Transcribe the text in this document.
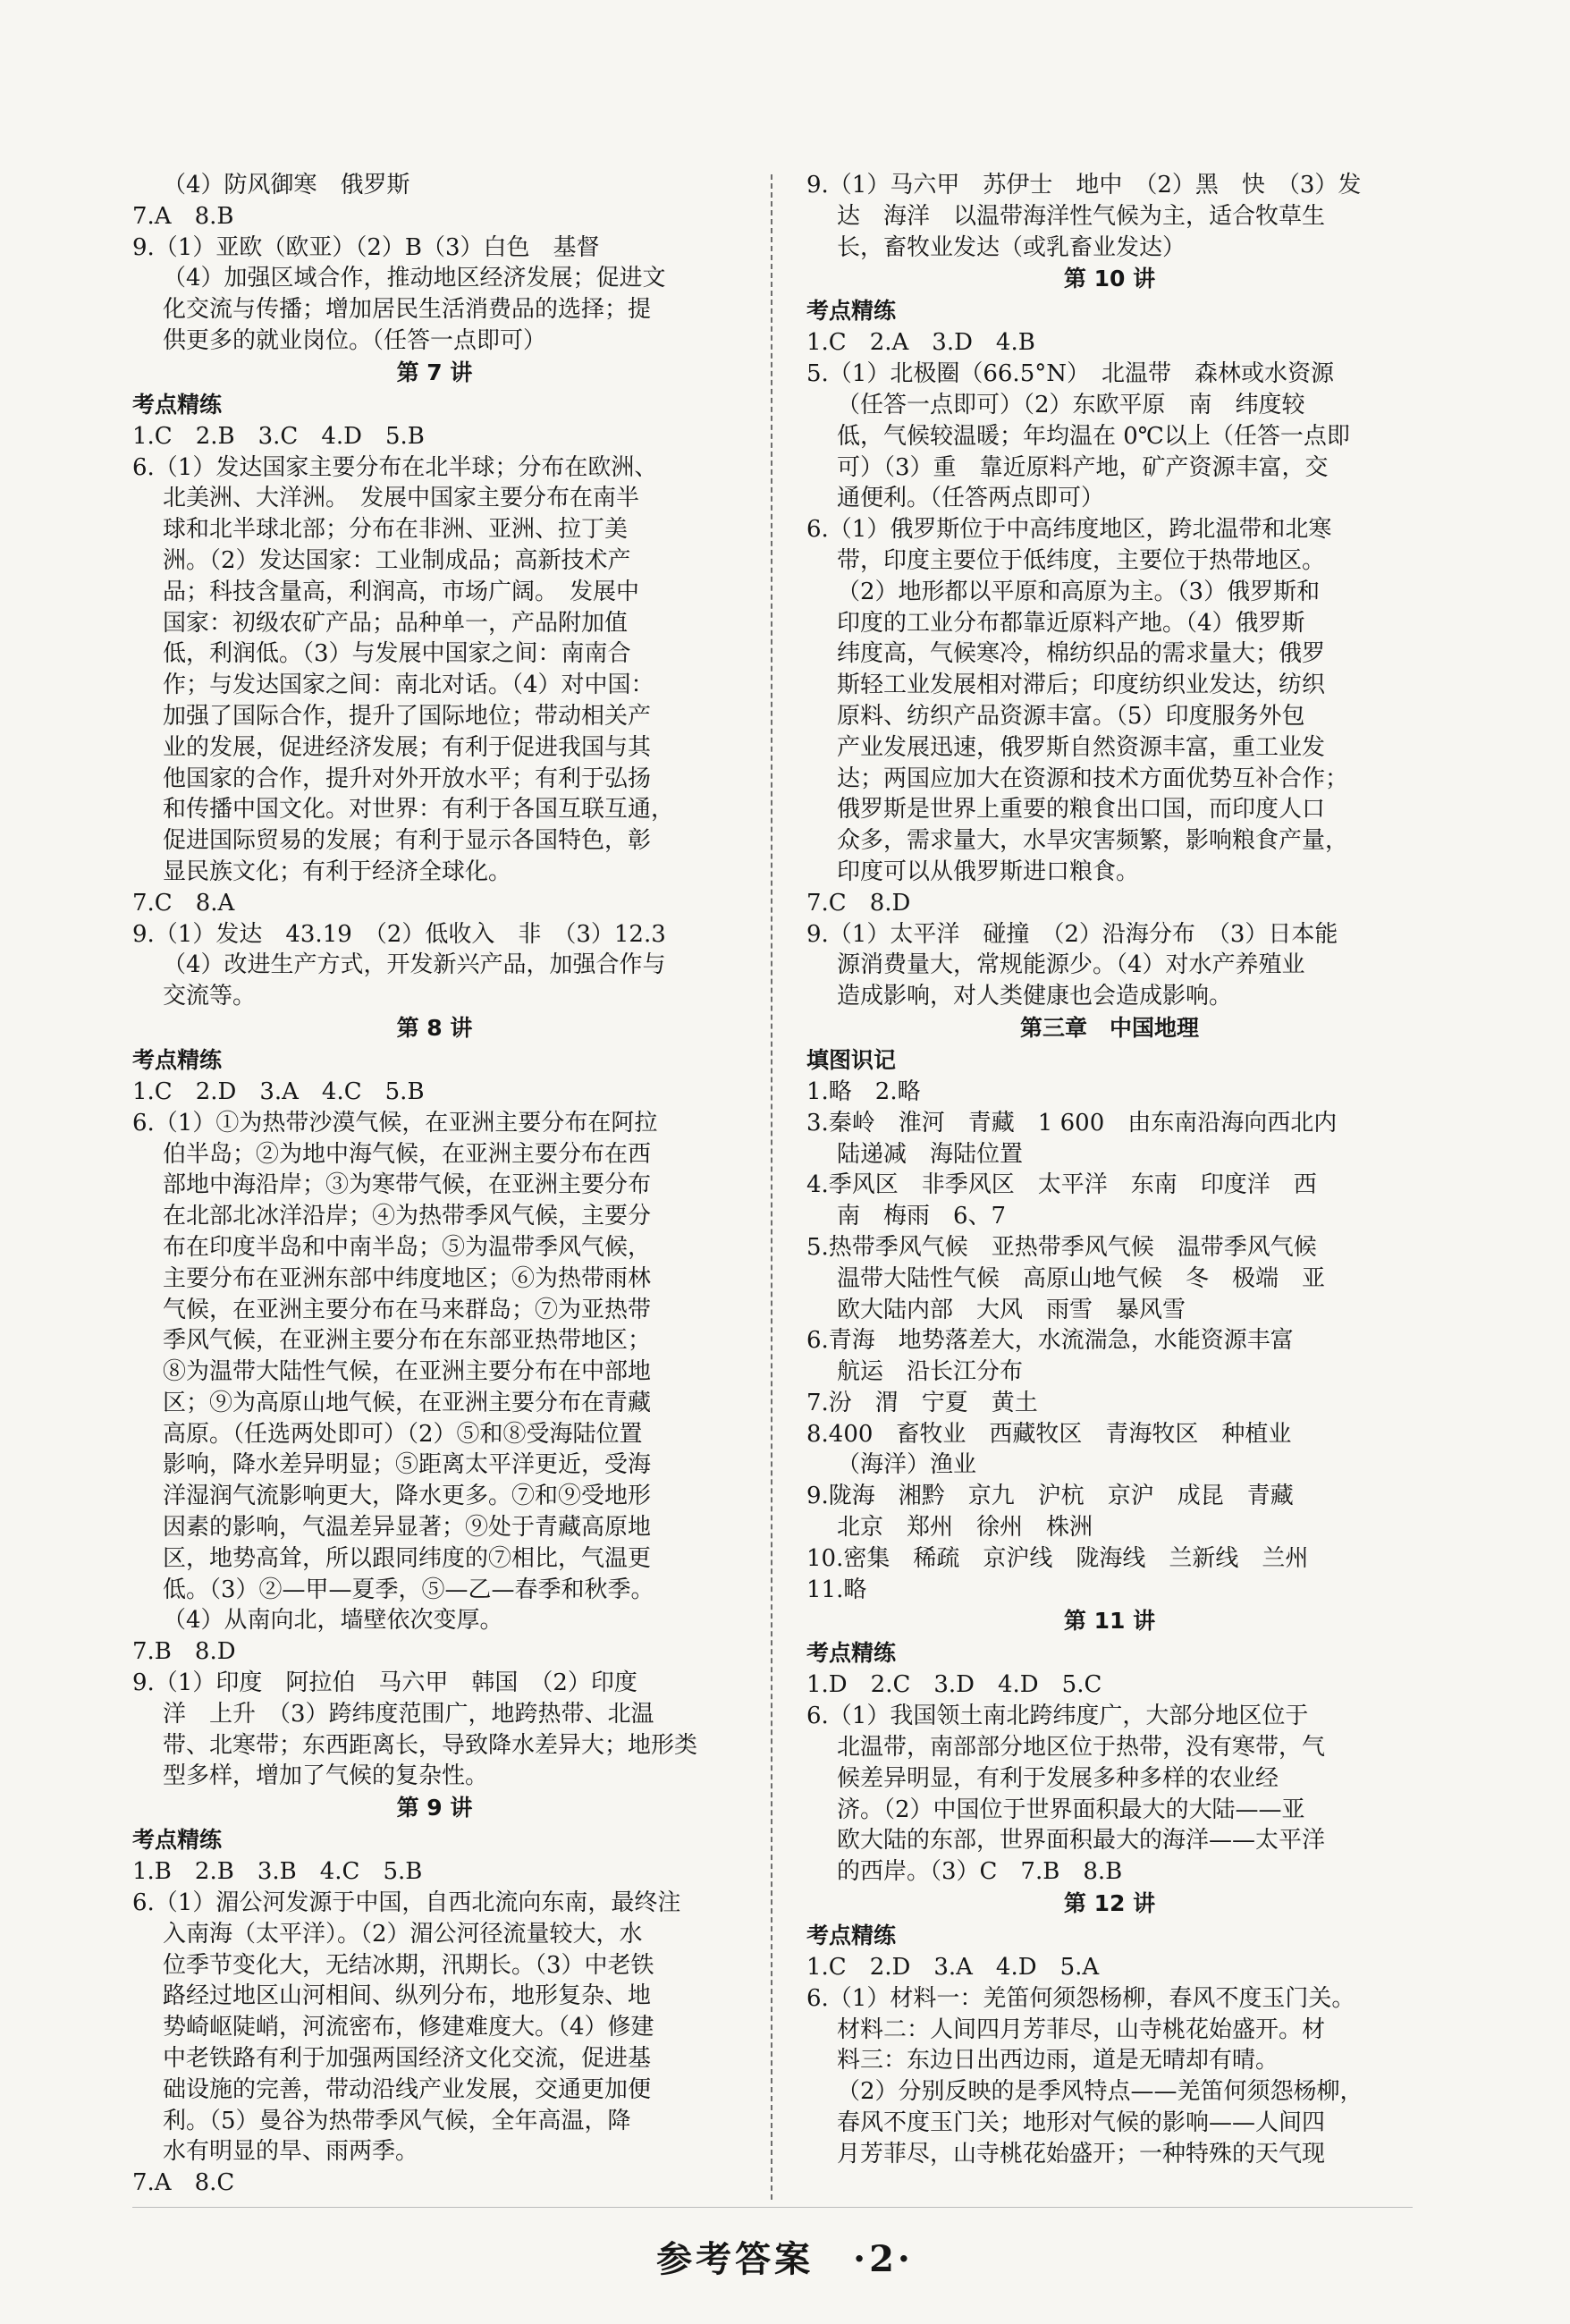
（4）防风御寒　俄罗斯
7.A　8.B
9.（1）亚欧（欧亚）（2）B（3）白色　基督
（4）加强区域合作，推动地区经济发展；促进文
化交流与传播；增加居民生活消费品的选择；提
供更多的就业岗位。（任答一点即可）
第 7 讲
考点精练
1.C　2.B　3.C　4.D　5.B
6.（1）发达国家主要分布在北半球；分布在欧洲、
北美洲、大洋洲。　发展中国家主要分布在南半
球和北半球北部；分布在非洲、亚洲、拉丁美
洲。（2）发达国家：工业制成品；高新技术产
品；科技含量高，利润高，市场广阔。　发展中
国家：初级农矿产品；品种单一，产品附加值
低，利润低。（3）与发展中国家之间：南南合
作；与发达国家之间：南北对话。（4）对中国：
加强了国际合作，提升了国际地位；带动相关产
业的发展，促进经济发展；有利于促进我国与其
他国家的合作，提升对外开放水平；有利于弘扬
和传播中国文化。对世界：有利于各国互联互通，
促进国际贸易的发展；有利于显示各国特色，彰
显民族文化；有利于经济全球化。
7.C　8.A
9.（1）发达　43.19　（2）低收入　非　（3）12.3
（4）改进生产方式，开发新兴产品，加强合作与
交流等。
第 8 讲
考点精练
1.C　2.D　3.A　4.C　5.B
6.（1）①为热带沙漠气候，在亚洲主要分布在阿拉
伯半岛；②为地中海气候，在亚洲主要分布在西
部地中海沿岸；③为寒带气候，在亚洲主要分布
在北部北冰洋沿岸；④为热带季风气候，主要分
布在印度半岛和中南半岛；⑤为温带季风气候，
主要分布在亚洲东部中纬度地区；⑥为热带雨林
气候，在亚洲主要分布在马来群岛；⑦为亚热带
季风气候，在亚洲主要分布在东部亚热带地区；
⑧为温带大陆性气候，在亚洲主要分布在中部地
区；⑨为高原山地气候，在亚洲主要分布在青藏
高原。（任选两处即可）（2）⑤和⑧受海陆位置
影响，降水差异明显；⑤距离太平洋更近，受海
洋湿润气流影响更大，降水更多。⑦和⑨受地形
因素的影响，气温差异显著；⑨处于青藏高原地
区，地势高耸，所以跟同纬度的⑦相比，气温更
低。（3）②—甲—夏季，⑤—乙—春季和秋季。
（4）从南向北，墙壁依次变厚。
7.B　8.D
9.（1）印度　阿拉伯　马六甲　韩国　（2）印度
洋　上升　（3）跨纬度范围广，地跨热带、北温
带、北寒带；东西距离长，导致降水差异大；地形类
型多样，增加了气候的复杂性。
第 9 讲
考点精练
1.B　2.B　3.B　4.C　5.B
6.（1）湄公河发源于中国，自西北流向东南，最终注
入南海（太平洋）。（2）湄公河径流量较大，水
位季节变化大，无结冰期，汛期长。（3）中老铁
路经过地区山河相间、纵列分布，地形复杂、地
势崎岖陡峭，河流密布，修建难度大。（4）修建
中老铁路有利于加强两国经济文化交流，促进基
础设施的完善，带动沿线产业发展，交通更加便
利。（5）曼谷为热带季风气候，全年高温，降
水有明显的旱、雨两季。
7.A　8.C
9.（1）马六甲　苏伊士　地中　（2）黑　快　（3）发
达　海洋　以温带海洋性气候为主，适合牧草生
长，畜牧业发达（或乳畜业发达）
第 10 讲
考点精练
1.C　2.A　3.D　4.B
5.（1）北极圈（66.5°N）　北温带　森林或水资源
（任答一点即可）（2）东欧平原　南　纬度较
低，气候较温暖；年均温在 0℃以上（任答一点即
可）（3）重　靠近原料产地，矿产资源丰富，交
通便利。（任答两点即可）
6.（1）俄罗斯位于中高纬度地区，跨北温带和北寒
带，印度主要位于低纬度，主要位于热带地区。
（2）地形都以平原和高原为主。（3）俄罗斯和
印度的工业分布都靠近原料产地。（4）俄罗斯
纬度高，气候寒冷，棉纺织品的需求量大；俄罗
斯轻工业发展相对滞后；印度纺织业发达，纺织
原料、纺织产品资源丰富。（5）印度服务外包
产业发展迅速，俄罗斯自然资源丰富，重工业发
达；两国应加大在资源和技术方面优势互补合作；
俄罗斯是世界上重要的粮食出口国，而印度人口
众多，需求量大，水旱灾害频繁，影响粮食产量，
印度可以从俄罗斯进口粮食。
7.C　8.D
9.（1）太平洋　碰撞　（2）沿海分布　（3）日本能
源消费量大，常规能源少。（4）对水产养殖业
造成影响，对人类健康也会造成影响。
第三章　中国地理
填图识记
1.略　2.略
3.秦岭　淮河　青藏　1 600　由东南沿海向西北内
陆递减　海陆位置
4.季风区　非季风区　太平洋　东南　印度洋　西
南　梅雨　6、7
5.热带季风气候　亚热带季风气候　温带季风气候
温带大陆性气候　高原山地气候　冬　极端　亚
欧大陆内部　大风　雨雪　暴风雪
6.青海　地势落差大，水流湍急，水能资源丰富
航运　沿长江分布
7.汾　渭　宁夏　黄土
8.400　畜牧业　西藏牧区　青海牧区　种植业
（海洋）渔业
9.陇海　湘黔　京九　沪杭　京沪　成昆　青藏
北京　郑州　徐州　株洲
10.密集　稀疏　京沪线　陇海线　兰新线　兰州
11.略
第 11 讲
考点精练
1.D　2.C　3.D　4.D　5.C
6.（1）我国领土南北跨纬度广，大部分地区位于
北温带，南部部分地区位于热带，没有寒带，气
候差异明显，有利于发展多种多样的农业经
济。（2）中国位于世界面积最大的大陆——亚
欧大陆的东部，世界面积最大的海洋——太平洋
的西岸。（3）C　7.B　8.B
第 12 讲
考点精练
1.C　2.D　3.A　4.D　5.A
6.（1）材料一：羌笛何须怨杨柳，春风不度玉门关。
材料二：人间四月芳菲尽，山寺桃花始盛开。材
料三：东边日出西边雨，道是无晴却有晴。
（2）分别反映的是季风特点——羌笛何须怨杨柳，
春风不度玉门关；地形对气候的影响——人间四
月芳菲尽，山寺桃花始盛开；一种特殊的天气现
参考答案　·2·
